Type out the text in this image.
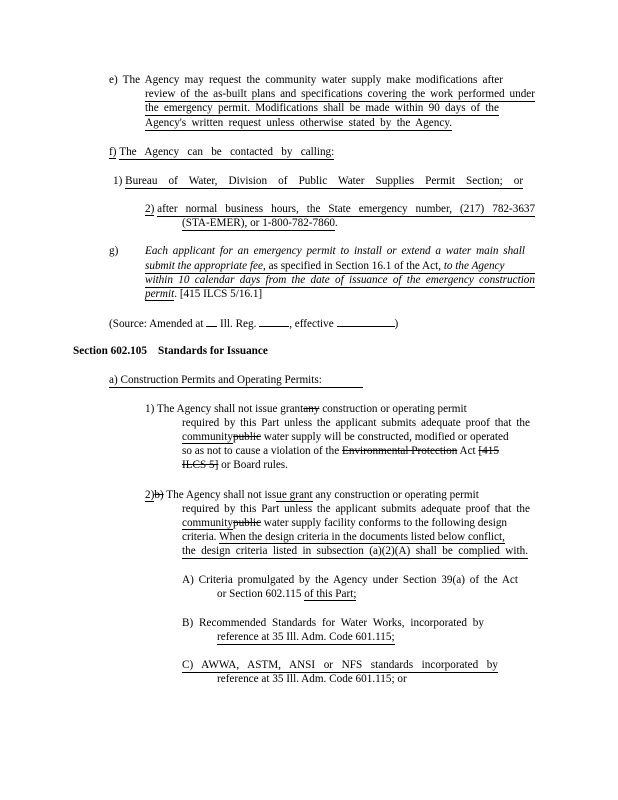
e) The Agency may request the community water supply make modifications after
review of the as-built plans and specifications covering the work performed under
the emergency permit. Modifications shall be made within 90 days of the
Agency's written request unless otherwise stated by the Agency.
f) The Agency can be contacted by calling:
1) Bureau of Water, Division of Public Water Supplies Permit Section; or
2) after normal business hours, the State emergency number, (217) 782-3637
(STA-EMER), or 1-800-782-7860.
g) Each applicant for an emergency permit to install or extend a water main shall
submit the appropriate fee, as specified in Section 16.1 of the Act, to the Agency
within 10 calendar days from the date of issuance of the emergency construction
permit. [415 ILCS 5/16.1]
(Source: Amended at Ill. Reg.	, effective	)
Section 602.105 Standards for Issuance
a) Construction Permits and Operating Permits:
1) The Agency shall not issue grantany construction or operating permit
required by this Part unless the applicant submits adequate proof that the
communitypublic water supply will be constructed, modified or operated
so as not to cause a violation of the Environmental Protection Act [415
ILCS 5] or Board rules.
2)b) The Agency shall not issue grant any construction or operating permit
required by this Part unless the applicant submits adequate proof that the
communitypublic water supply facility conforms to the following design
criteria. When the design criteria in the documents listed below conflict,
the design criteria listed in subsection (a)(2)(A) shall be complied with.
A) Criteria promulgated by the Agency under Section 39(a) of the Act
or Section 602.115 of this Part;
B) Recommended Standards for Water Works, incorporated by
reference at 35 Ill. Adm. Code 601.115;
C) AWWA, ASTM, ANSI or NFS standards incorporated by
reference at 35 Ill. Adm. Code 601.115; or
